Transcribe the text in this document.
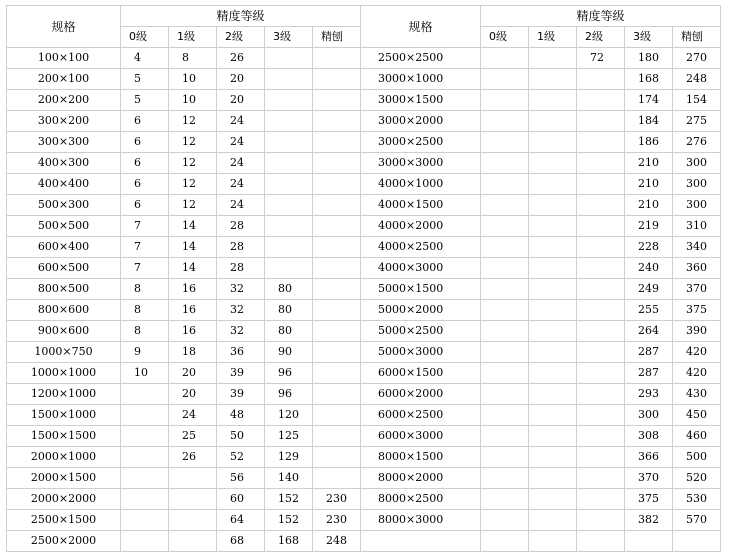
规格	精度等级					规格	精度等级				
	0级	1级	2级	3级	精刨		0级	1级	2级	3级	精刨
100×100	4	8	26			2500×2500			72	180	270
200×100	5	10	20			3000×1000				168	248
200×200	5	10	20			3000×1500				174	154
300×200	6	12	24			3000×2000				184	275
300×300	6	12	24			3000×2500				186	276
400×300	6	12	24			3000×3000				210	300
400×400	6	12	24			4000×1000				210	300
500×300	6	12	24			4000×1500				210	300
500×500	7	14	28			4000×2000				219	310
600×400	7	14	28			4000×2500				228	340
600×500	7	14	28			4000×3000				240	360
800×500	8	16	32	80		5000×1500				249	370
800×600	8	16	32	80		5000×2000				255	375
900×600	8	16	32	80		5000×2500				264	390
1000×750	9	18	36	90		5000×3000				287	420
1000×1000	10	20	39	96		6000×1500				287	420
1200×1000		20	39	96		6000×2000				293	430
1500×1000		24	48	120		6000×2500				300	450
1500×1500		25	50	125		6000×3000				308	460
2000×1000		26	52	129		8000×1500				366	500
2000×1500			56	140		8000×2000				370	520
2000×2000			60	152	230	8000×2500				375	530
2500×1500			64	152	230	8000×3000				382	570
2500×2000			68	168	248						
